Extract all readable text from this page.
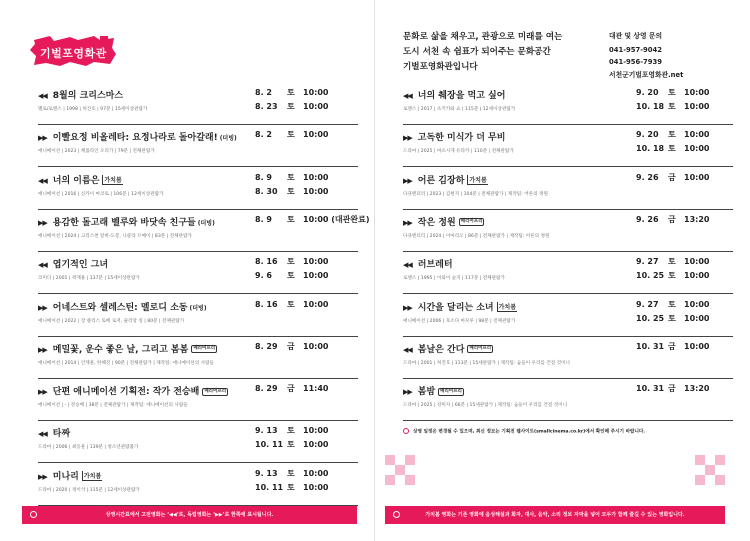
기벌포영화관
◀◀ 8월의 크리스마스
멜로/로맨스 | 1998 | 허진호 | 97분 | 15세이상관람가
8. 2 토 10:00
8. 23 토 10:00
▶▶ 이빨요정 비올레타: 요정나라로 돌아갈래! (더빙)
애니메이션 | 2023 | 케롤라인 오리가 | 79분 | 전체관람가
8. 2 토 10:00
◀◀ 너의 이름은 가치봄
애니메이션 | 2016 | 신카이 마코토 | 106분 | 12세이상관람가
8. 9 토 10:00
8. 30 토 10:00
▶▶ 용감한 돌고래 벨루와 바닷속 친구들 (더빙)
애니메이션 | 2024 | 크리스천 알바-도봉, 니콜라 르메이 | 83분 | 전체관람가
8. 9 토 10:00 (대관완료)
◀◀ 엽기적인 그녀
코미디 | 2001 | 곽재용 | 137분 | 15세이상관람가
8. 16 토 10:00
9. 6 토 10:00
▶▶ 어네스트와 셀레스틴: 멜로디 소동 (더빙)
애니메이션 | 2022 | 장 클리스 토베 로저, 줄리앙 칭 | 80분 | 전체관람가
8. 16 토 10:00
▶▶ 메밀꽃, 운수 좋은 날, 그리고 봄봄 배리어프리
애니메이션 | 2014 | 안재훈, 한혜진 | 90분 | 전체관람가 | 제작팀: 애니메이션의 사람들
8. 29 금 10:00
▶▶ 단편 애니메이션 기획전: 작가 전승배 배리어프리
애니메이션 | - | 전승배 | 38분 | 전체관람가 | 제작팀: 애니메이션의 사람들
8. 29 금 11:40
◀◀ 타짜
드라마 | 2006 | 최동훈 | 139분 | 청소년관람불가
9. 13 토 10:00
10. 11 토 10:00
▶▶ 미나리 가치봄
드라마 | 2020 | 정이삭 | 115분 | 12세이상관람가
9. 13 토 10:00
10. 11 토 10:00
상영시간표에서 고전영화는 ‘◀◀’로, 독립영화는 ‘▶▶’로 한쪽에 표시됩니다.
문화로 삶을 채우고, 관광으로 미래를 여는
도시 서천 속 쉼표가 되어주는 문화공간
기벌포영화관입니다
대관 및 상영 문의
041-957-9042
041-956-7939
서천군기벌포영화관.net
◀◀ 너의 췌장을 먹고 싶어
로맨스 | 2017 | 츠키카와 쇼 | 115분 | 12세이상관람가
9. 20 토 10:00
10. 18 토 10:00
▶▶ 고독한 미식가 더 무비
드라마 | 2025 | 마츠시게 유타카 | 110분 | 전체관람가
9. 20 토 10:00
10. 18 토 10:00
▶▶ 어른 김장하 가치봄
다큐멘터리 | 2023 | 김현지 | 104분 | 전체관람가 | 제작팀: 어른의 정원
9. 26 금 10:00
▶▶ 작은 정원 배리어프리
다큐멘터리 | 2024 | 이마리오 | 86분 | 전체관람가 | 제작팀: 어른의 정원
9. 26 금 13:20
◀◀ 러브레터
로맨스 | 1995 | 이와이 슌지 | 117분 | 전체관람가
9. 27 토 10:00
10. 25 토 10:00
▶▶ 시간을 달리는 소녀 가치봄
애니메이션 | 2006 | 호소다 마모루 | 98분 | 전체관람가
9. 27 토 10:00
10. 25 토 10:00
◀◀ 봄날은 간다 배리어프리
드라마 | 2001 | 허진호 | 113분 | 15세관람가 | 제작팀: 숨들이 우리를 건질 것이니
10. 31 금 10:00
▶▶ 봄밤 배리어프리
드라마 | 2025 | 강미자 | 66분 | 15세관람가 | 제작팀: 숨들이 우리를 건질 것이니
10. 31 금 13:20
상영 일정은 변경될 수 있으며, 최신 정보는 기획전 웹사이트(smallcinema.co.kr)에서 확인해 주시기 바랍니다.
가치봄 영화는 기존 영화에 음성해설과 화자, 대사, 음악, 소리 정보 자막을 넣어 모두가 함께 즐길 수 있는 영화입니다.
